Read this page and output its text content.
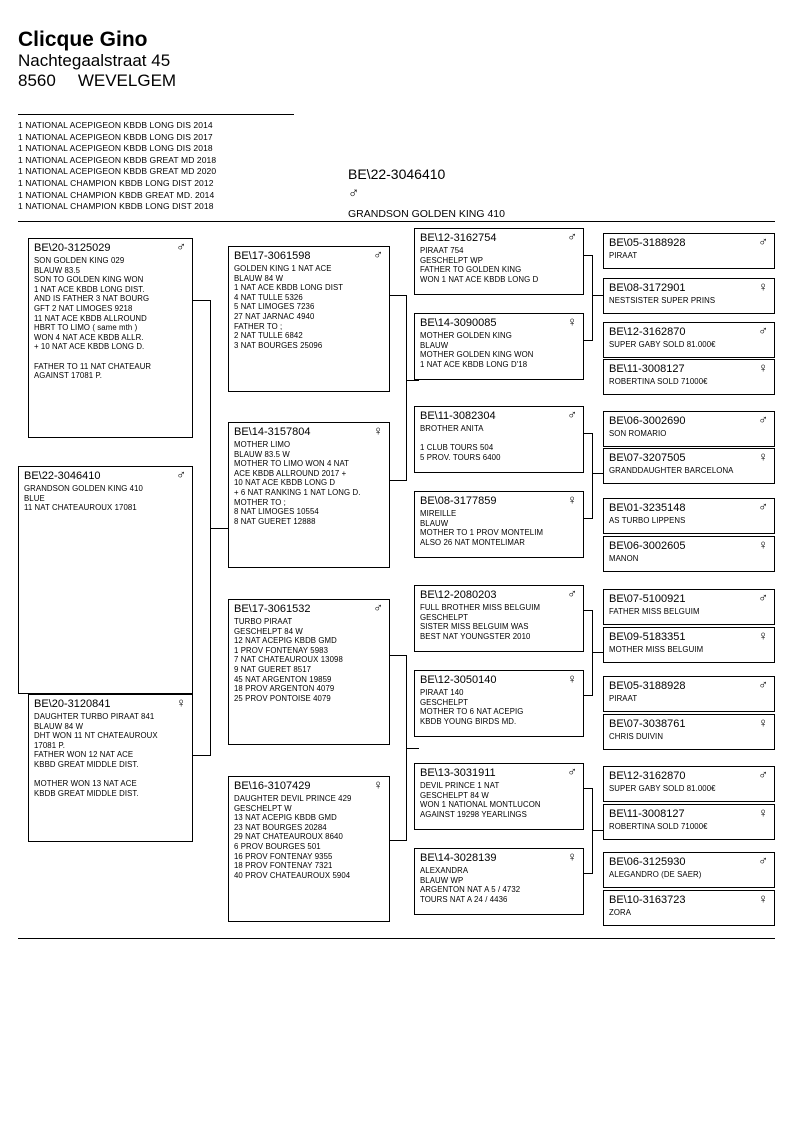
Clicque Gino
Nachtegaalstraat 45
8560 WEVELGEM
1 NATIONAL ACEPIGEON KBDB LONG DIS 2014
1 NATIONAL ACEPIGEON KBDB LONG DIS 2017
1 NATIONAL ACEPIGEON KBDB LONG DIS 2018
1 NATIONAL ACEPIGEON KBDB GREAT MD 2018
1 NATIONAL ACEPIGEON KBDB GREAT MD 2020
1 NATIONAL CHAMPION KBDB LONG DIST 2012
1 NATIONAL CHAMPION KBDB GREAT MD. 2014
1 NATIONAL CHAMPION KBDB LONG DIST 2018
BE\22-3046410
♂
GRANDSON GOLDEN KING 410
BE\22-3046410	♂
GRANDSON GOLDEN KING 410
BLUE
11 NAT CHATEAUROUX 17081
BE\20-3125029	♂
SON GOLDEN KING 029
BLAUW 83.5
SON TO GOLDEN KING WON
1 NAT ACE KBDB LONG DIST.
AND IS FATHER 3 NAT BOURG
GFT 2 NAT LIMOGES 9218
11 NAT ACE KBDB ALLROUND
HBRT TO LIMO ( same mth )
WON 4 NAT ACE KBDB ALLR.
+ 10 NAT ACE KBDB LONG D.

FATHER TO 11 NAT CHATEAUR
AGAINST 17081 P.
BE\20-3120841	♀
DAUGHTER TURBO PIRAAT 841
BLAUW 84 W
DHT WON 11 NT CHATEAUROUX
17081 P.
FATHER WON 12 NAT ACE
KBBD GREAT MIDDLE DIST.

MOTHER WON 13 NAT ACE
KBDB GREAT MIDDLE DIST.
BE\17-3061598	♂
GOLDEN KING 1 NAT ACE
BLAUW 84 W
1 NAT ACE KBDB LONG DIST
4 NAT TULLE 5326
5 NAT LIMOGES 7236
27 NAT JARNAC 4940
FATHER TO ;
2 NAT TULLE 6842
3 NAT BOURGES 25096
BE\14-3157804	♀
MOTHER LIMO
BLAUW 83.5 W
MOTHER TO LIMO WON 4 NAT
ACE KBDB ALLROUND 2017 +
10 NAT ACE KBDB LONG D
+ 6 NAT RANKING 1 NAT LONG D.
MOTHER TO ;
8 NAT LIMOGES 10554
8 NAT GUERET 12888
BE\17-3061532	♂
TURBO PIRAAT
GESCHELPT 84 W
12 NAT ACEPIG KBDB GMD
1 PROV FONTENAY 5983
7 NAT CHATEAUROUX 13098
9 NAT GUERET 8517
45 NAT ARGENTON 19859
18 PROV ARGENTON 4079
25 PROV PONTOISE 4079
BE\16-3107429	♀
DAUGHTER DEVIL PRINCE 429
GESCHELPT W
13 NAT ACEPIG KBDB GMD
23 NAT BOURGES 20284
29 NAT CHATEAUROUX 8640
6 PROV BOURGES 501
16 PROV FONTENAY 9355
18 PROV FONTENAY 7321
40 PROV CHATEAUROUX 5904
BE\12-3162754	♂
PIRAAT 754
GESCHELPT WP
FATHER TO GOLDEN KING
WON 1 NAT ACE KBDB LONG D
BE\14-3090085	♀
MOTHER GOLDEN KING
BLAUW
MOTHER GOLDEN KING WON
1 NAT ACE KBDB LONG D'18
BE\11-3082304	♂
BROTHER ANITA

1 CLUB TOURS 504
5 PROV. TOURS 6400
BE\08-3177859	♀
MIREILLE
BLAUW
MOTHER TO 1 PROV MONTELIM
ALSO 26 NAT MONTELIMAR
BE\12-2080203	♂
FULL BROTHER MISS BELGUIM
GESCHELPT
SISTER MISS BELGUIM WAS
BEST NAT YOUNGSTER 2010
BE\12-3050140	♀
PIRAAT 140
GESCHELPT
MOTHER TO 6 NAT ACEPIG
KBDB YOUNG BIRDS MD.
BE\13-3031911	♂
DEVIL PRINCE 1 NAT
GESCHELPT 84 W
WON 1 NATIONAL MONTLUCON
AGAINST 19298 YEARLINGS
BE\14-3028139	♀
ALEXANDRA
BLAUW WP
ARGENTON NAT A 5 / 4732
TOURS NAT A 24 / 4436
BE\05-3188928	♂
PIRAAT
BE\08-3172901	♀
NESTSISTER SUPER PRINS
BE\12-3162870	♂
SUPER GABY SOLD 81.000€
BE\11-3008127	♀
ROBERTINA SOLD 71000€
BE\06-3002690	♂
SON ROMARIO
BE\07-3207505	♀
GRANDDAUGHTER BARCELONA
BE\01-3235148	♂
AS TURBO LIPPENS
BE\06-3002605	♀
MANON
BE\07-5100921	♂
FATHER MISS BELGUIM
BE\09-5183351	♀
MOTHER MISS BELGUIM
BE\05-3188928	♂
PIRAAT
BE\07-3038761	♀
CHRIS DUIVIN
BE\12-3162870	♂
SUPER GABY SOLD 81.000€
BE\11-3008127	♀
ROBERTINA SOLD 71000€
BE\06-3125930	♂
ALEGANDRO (DE SAER)
BE\10-3163723	♀
ZORA
